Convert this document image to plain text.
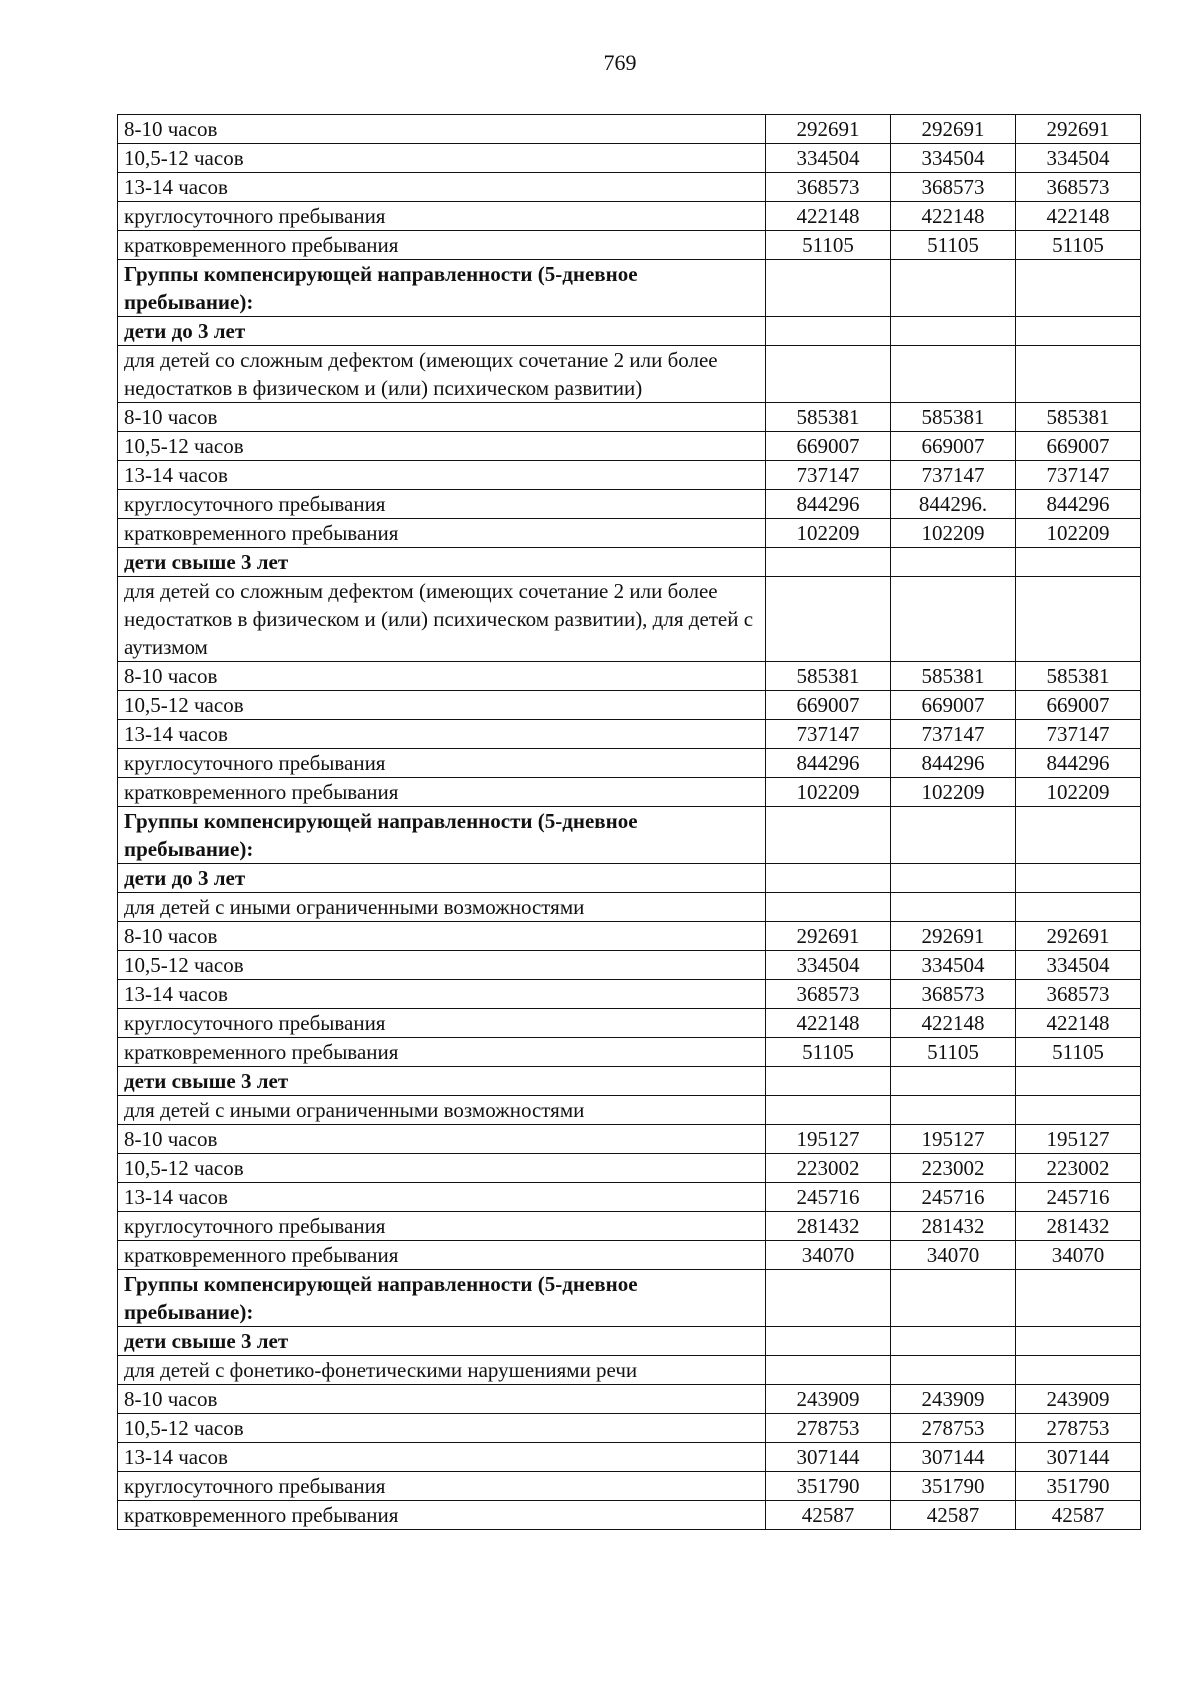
769
8-10 часов	292691	292691	292691
10,5-12 часов	334504	334504	334504
13-14 часов	368573	368573	368573
круглосуточного пребывания	422148	422148	422148
кратковременного пребывания	51105	51105	51105
Группы компенсирующей направленности (5-дневное пребывание):			
дети до 3 лет			
для детей со сложным дефектом (имеющих сочетание 2 или более недостатков в физическом и (или) психическом развитии)			
8-10 часов	585381	585381	585381
10,5-12 часов	669007	669007	669007
13-14 часов	737147	737147	737147
круглосуточного пребывания	844296	844296.	844296
кратковременного пребывания	102209	102209	102209
дети свыше 3 лет			
для детей со сложным дефектом (имеющих сочетание 2 или более недостатков в физическом и (или) психическом развитии), для детей с аутизмом			
8-10 часов	585381	585381	585381
10,5-12 часов	669007	669007	669007
13-14 часов	737147	737147	737147
круглосуточного пребывания	844296	844296	844296
кратковременного пребывания	102209	102209	102209
Группы компенсирующей направленности (5-дневное пребывание):			
дети до 3 лет			
для детей с иными ограниченными возможностями			
8-10 часов	292691	292691	292691
10,5-12 часов	334504	334504	334504
13-14 часов	368573	368573	368573
круглосуточного пребывания	422148	422148	422148
кратковременного пребывания	51105	51105	51105
дети свыше 3 лет			
для детей с иными ограниченными возможностями			
8-10 часов	195127	195127	195127
10,5-12 часов	223002	223002	223002
13-14 часов	245716	245716	245716
круглосуточного пребывания	281432	281432	281432
кратковременного пребывания	34070	34070	34070
Группы компенсирующей направленности (5-дневное пребывание):			
дети свыше 3 лет			
для детей с фонетико-фонетическими нарушениями речи			
8-10 часов	243909	243909	243909
10,5-12 часов	278753	278753	278753
13-14 часов	307144	307144	307144
круглосуточного пребывания	351790	351790	351790
кратковременного пребывания	42587	42587	42587
